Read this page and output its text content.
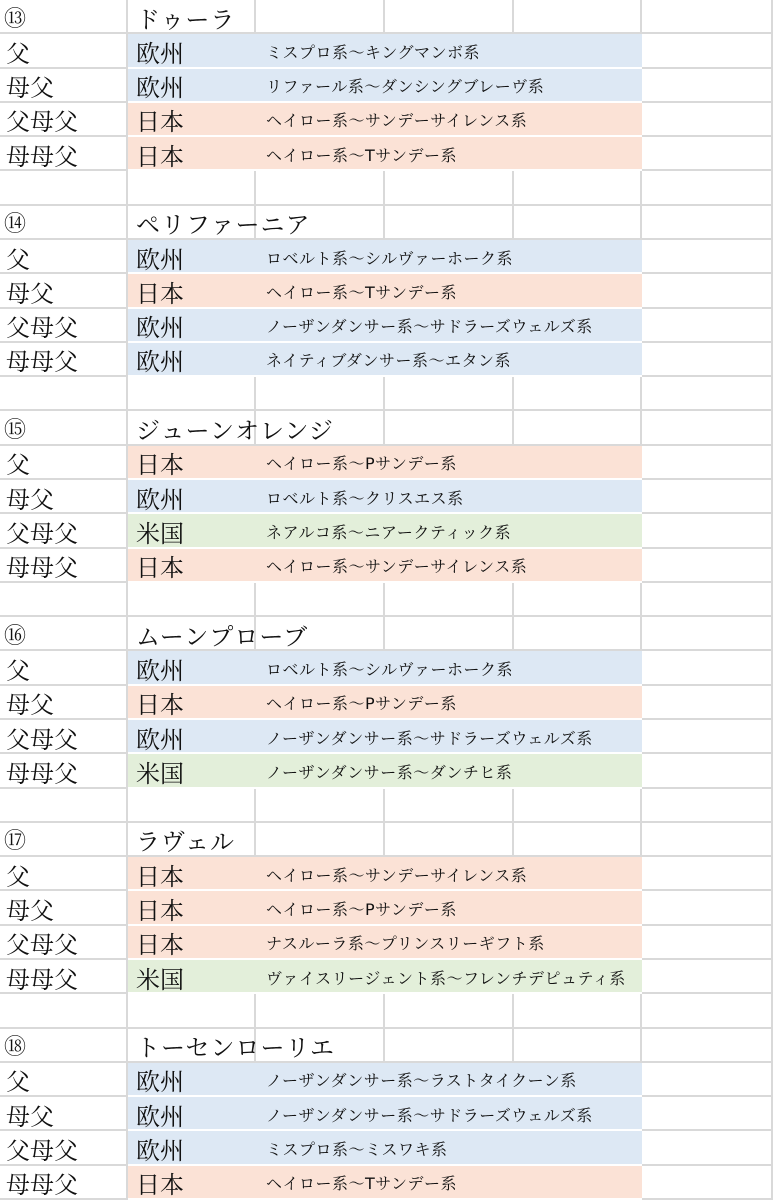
⑬	ドゥーラ
父	欧州	ミスプロ系〜キングマンボ系
母父	欧州	リファール系〜ダンシングブレーヴ系
父母父 日本	ヘイロー系〜サンデーサイレンス系
母母父 日本	ヘイロー系〜Tサンデー系
⑭	ペリファーニア
父	欧州	ロベルト系〜シルヴァーホーク系
母父	日本	ヘイロー系〜Tサンデー系
父母父 欧州	ノーザンダンサー系〜サドラーズウェルズ系
母母父 欧州	ネイティブダンサー系〜エタン系
⑮	ジューンオレンジ
父	日本	ヘイロー系〜Pサンデー系
母父	欧州	ロベルト系〜クリスエス系
父母父 米国	ネアルコ系〜ニアークティック系
母母父 日本	ヘイロー系〜サンデーサイレンス系
⑯	ムーンプローブ
父	欧州	ロベルト系〜シルヴァーホーク系
母父	日本	ヘイロー系〜Pサンデー系
父母父 欧州	ノーザンダンサー系〜サドラーズウェルズ系
母母父 米国	ノーザンダンサー系〜ダンチヒ系
⑰	ラヴェル
父	日本	ヘイロー系〜サンデーサイレンス系
母父	日本	ヘイロー系〜Pサンデー系
父母父 日本	ナスルーラ系〜プリンスリーギフト系
母母父 米国	ヴァイスリージェント系〜フレンチデピュティ系
⑱	トーセンローリエ
父	欧州	ノーザンダンサー系〜ラストタイクーン系
母父	欧州	ノーザンダンサー系〜サドラーズウェルズ系
父母父 欧州	ミスプロ系〜ミスワキ系
母母父 日本	ヘイロー系〜Tサンデー系
